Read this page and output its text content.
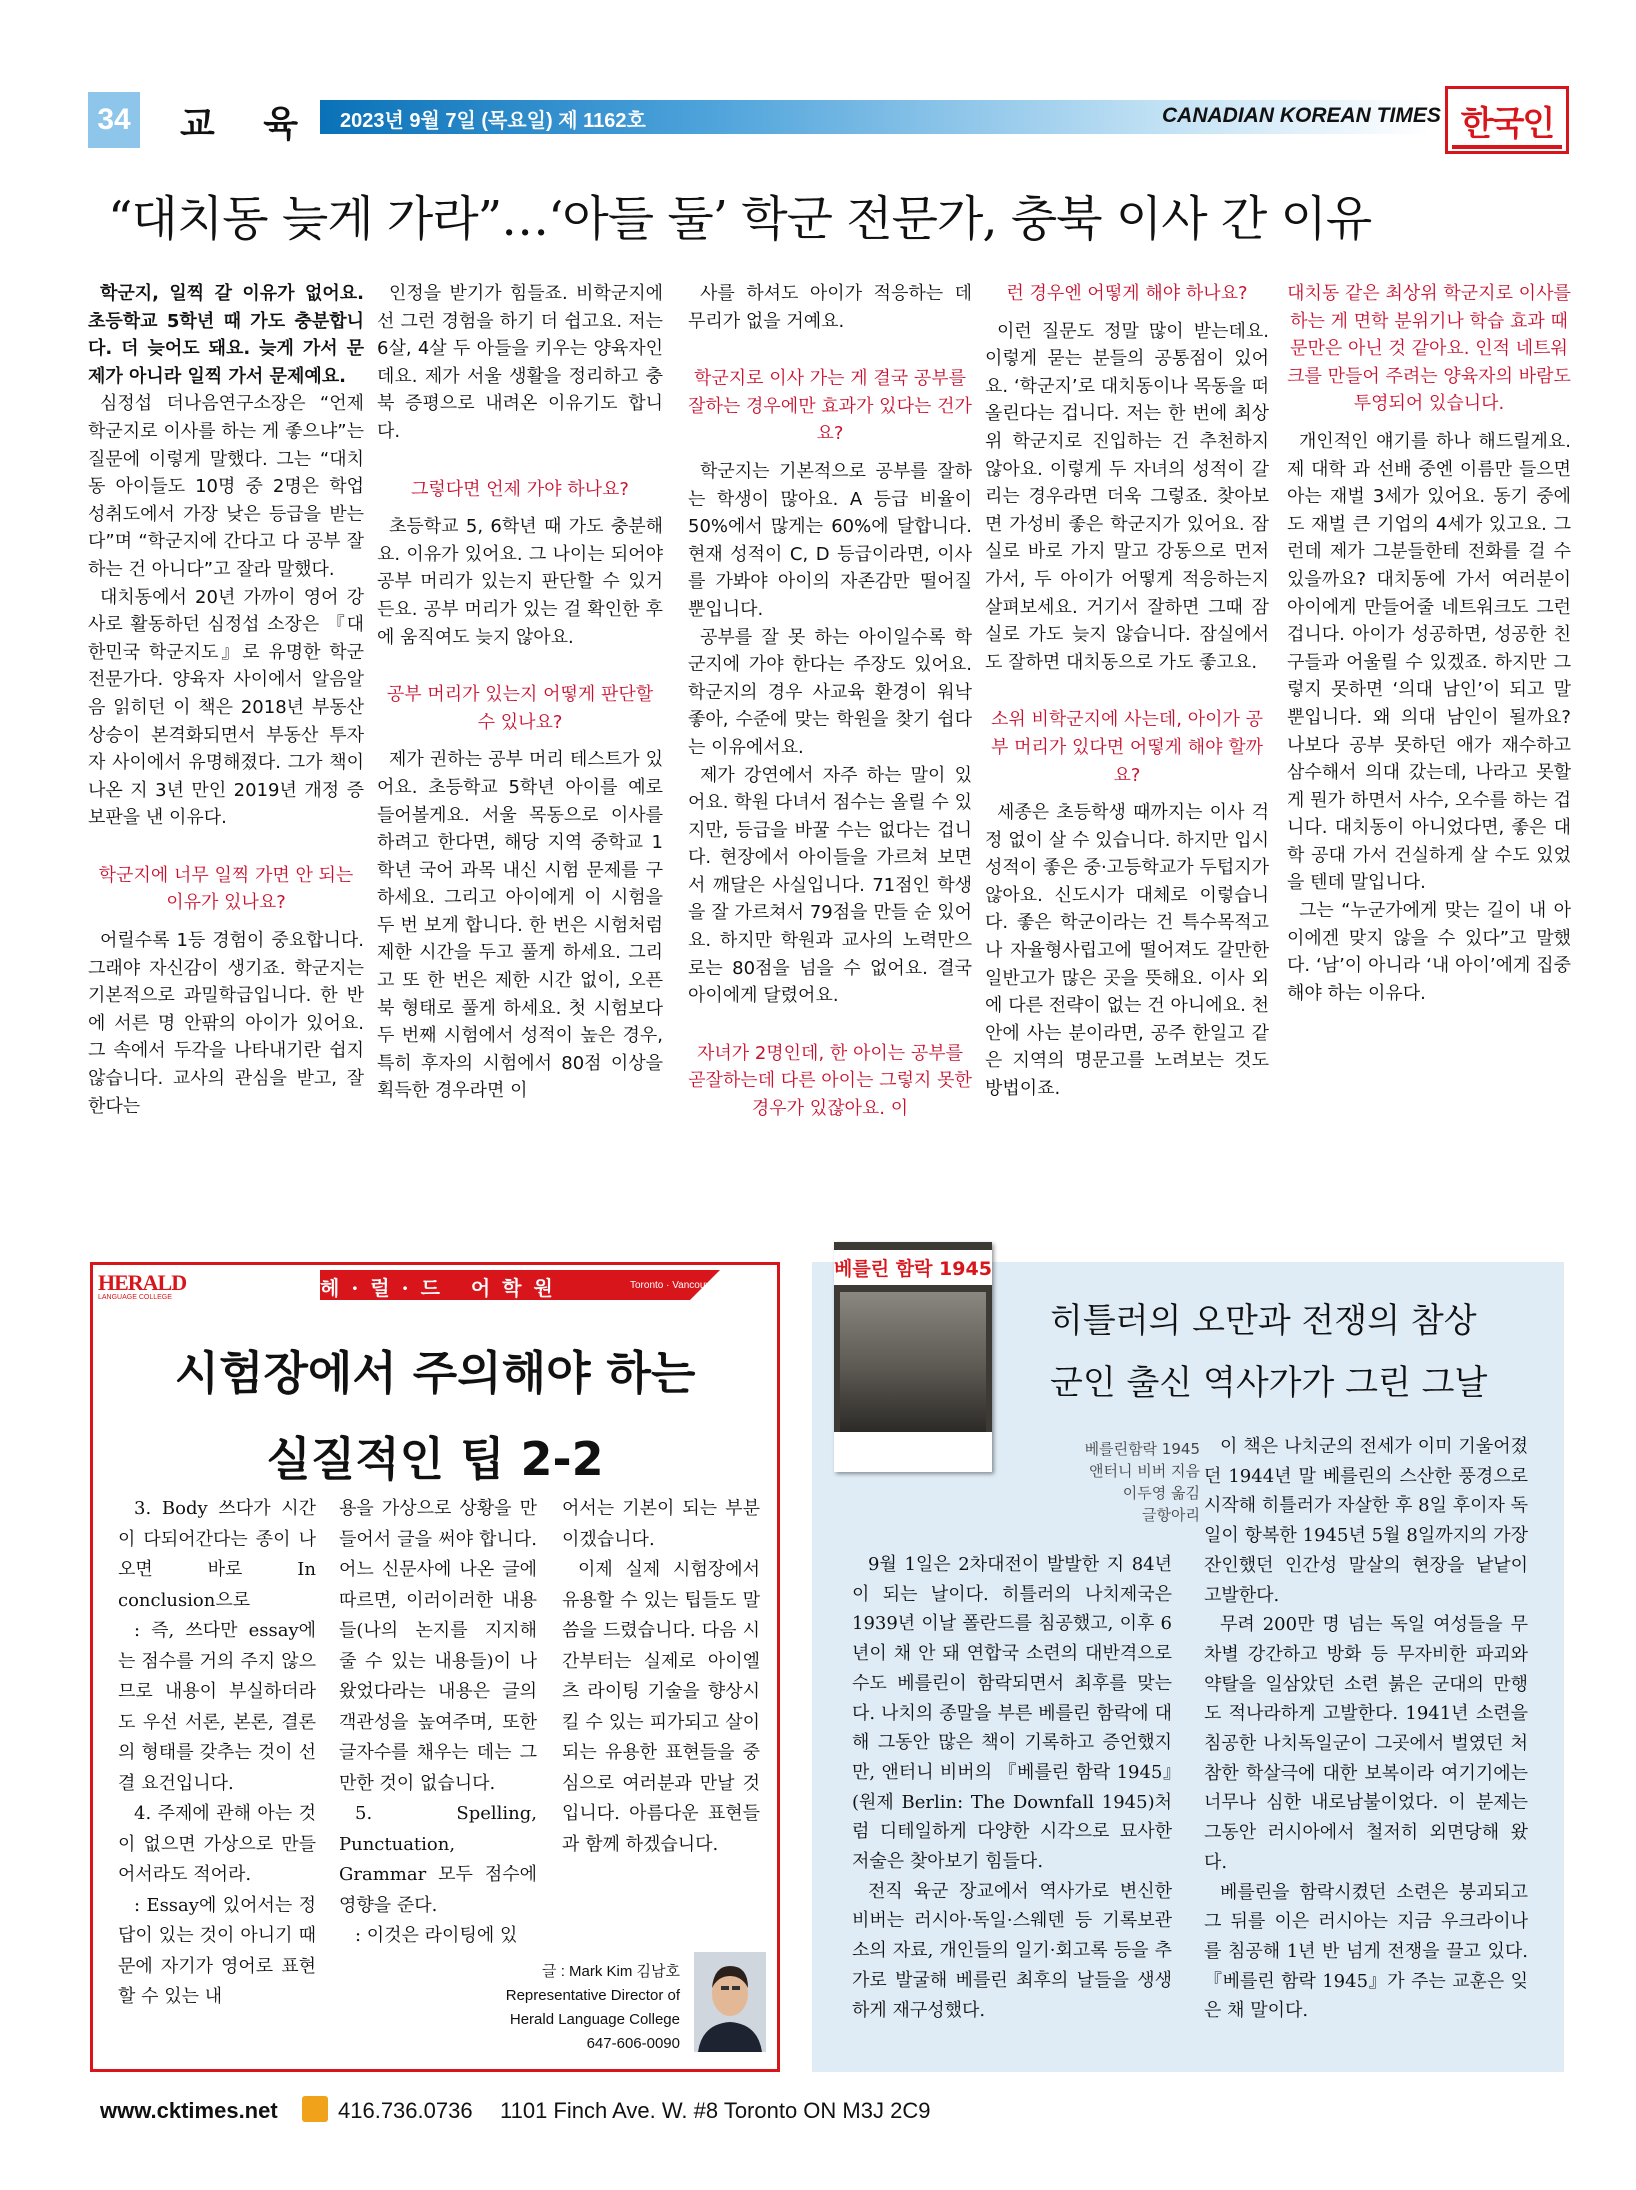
34 교 육 2023년 9월 7일 (목요일) 제 1162호	CANADIAN KOREAN TIMES 한국인
“대치동 늦게 가라”…‘아들 둘’ 학군 전문가, 충북 이사 간 이유

학군지, 일찍 갈 이유가 없어요. 초등학교 5학년 때 가도 충분합니다. 더 늦어도 돼요. 늦게 가서 문제가 아니라 일찍 가서 문제예요.

심정섭 더나음연구소장은 “언제 학군지로 이사를 하는 게 좋으냐”는 질문에 이렇게 말했다. 그는 “대치동 아이들도 10명 중 2명은 학업 성취도에서 가장 낮은 등급을 받는다”며 “학군지에 간다고 다 공부 잘하는 건 아니다”고 잘라 말했다.

대치동에서 20년 가까이 영어 강사로 활동하던 심정섭 소장은 『대한민국 학군지도』로 유명한 학군 전문가다. 양육자 사이에서 알음알음 읽히던 이 책은 2018년 부동산 상승이 본격화되면서 부동산 투자자 사이에서 유명해졌다. 그가 책이 나온 지 3년 만인 2019년 개정 증보판을 낸 이유다.

학군지에 너무 일찍 가면 안 되는 이유가 있나요?

어릴수록 1등 경험이 중요합니다. 그래야 자신감이 생기죠. 학군지는 기본적으로 과밀학급입니다. 한 반에 서른 명 안팎의 아이가 있어요. 그 속에서 두각을 나타내기란 쉽지 않습니다. 교사의 관심을 받고, 잘한다는

인정을 받기가 힘들죠. 비학군지에선 그런 경험을 하기 더 쉽고요. 저는 6살, 4살 두 아들을 키우는 양육자인데요. 제가 서울 생활을 정리하고 충북 증평으로 내려온 이유기도 합니다.

그렇다면 언제 가야 하나요?

초등학교 5, 6학년 때 가도 충분해요. 이유가 있어요. 그 나이는 되어야 공부 머리가 있는지 판단할 수 있거든요. 공부 머리가 있는 걸 확인한 후에 움직여도 늦지 않아요.

공부 머리가 있는지 어떻게 판단할 수 있나요?

제가 권하는 공부 머리 테스트가 있어요. 초등학교 5학년 아이를 예로 들어볼게요. 서울 목동으로 이사를 하려고 한다면, 해당 지역 중학교 1학년 국어 과목 내신 시험 문제를 구하세요. 그리고 아이에게 이 시험을 두 번 보게 합니다. 한 번은 시험처럼 제한 시간을 두고 풀게 하세요. 그리고 또 한 번은 제한 시간 없이, 오픈 북 형태로 풀게 하세요. 첫 시험보다 두 번째 시험에서 성적이 높은 경우, 특히 후자의 시험에서 80점 이상을 획득한 경우라면 이

사를 하셔도 아이가 적응하는 데 무리가 없을 거예요.

학군지로 이사 가는 게 결국 공부를 잘하는 경우에만 효과가 있다는 건가요?

학군지는 기본적으로 공부를 잘하는 학생이 많아요. A 등급 비율이 50%에서 많게는 60%에 달합니다. 현재 성적이 C, D 등급이라면, 이사를 가봐야 아이의 자존감만 떨어질 뿐입니다.

공부를 잘 못 하는 아이일수록 학군지에 가야 한다는 주장도 있어요. 학군지의 경우 사교육 환경이 워낙 좋아, 수준에 맞는 학원을 찾기 쉽다는 이유에서요.

제가 강연에서 자주 하는 말이 있어요. 학원 다녀서 점수는 올릴 수 있지만, 등급을 바꿀 수는 없다는 겁니다. 현장에서 아이들을 가르쳐 보면서 깨달은 사실입니다. 71점인 학생을 잘 가르쳐서 79점을 만들 순 있어요. 하지만 학원과 교사의 노력만으로는 80점을 넘을 수 없어요. 결국 아이에게 달렸어요.

자녀가 2명인데, 한 아이는 공부를 곧잘하는데 다른 아이는 그렇지 못한 경우가 있잖아요. 이

런 경우엔 어떻게 해야 하나요?

이런 질문도 정말 많이 받는데요. 이렇게 묻는 분들의 공통점이 있어요. ‘학군지’로 대치동이나 목동을 떠올린다는 겁니다. 저는 한 번에 최상위 학군지로 진입하는 건 추천하지 않아요. 이렇게 두 자녀의 성적이 갈리는 경우라면 더욱 그렇죠. 찾아보면 가성비 좋은 학군지가 있어요. 잠실로 바로 가지 말고 강동으로 먼저 가서, 두 아이가 어떻게 적응하는지 살펴보세요. 거기서 잘하면 그때 잠실로 가도 늦지 않습니다. 잠실에서도 잘하면 대치동으로 가도 좋고요.

소위 비학군지에 사는데, 아이가 공부 머리가 있다면 어떻게 해야 할까요?

세종은 초등학생 때까지는 이사 걱정 없이 살 수 있습니다. 하지만 입시 성적이 좋은 중·고등학교가 두텁지가 않아요. 신도시가 대체로 이렇습니다. 좋은 학군이라는 건 특수목적고나 자율형사립고에 떨어져도 갈만한 일반고가 많은 곳을 뜻해요. 이사 외에 다른 전략이 없는 건 아니에요. 천안에 사는 분이라면, 공주 한일고 같은 지역의 명문고를 노려보는 것도 방법이죠.

대치동 같은 최상위 학군지로 이사를 하는 게 면학 분위기나 학습 효과 때문만은 아닌 것 같아요. 인적 네트워크를 만들어 주려는 양육자의 바람도 투영되어 있습니다.

개인적인 얘기를 하나 해드릴게요. 제 대학 과 선배 중엔 이름만 들으면 아는 재벌 3세가 있어요. 동기 중에도 재벌 큰 기업의 4세가 있고요. 그런데 제가 그분들한테 전화를 걸 수 있을까요? 대치동에 가서 여러분이 아이에게 만들어줄 네트워크도 그런 겁니다. 아이가 성공하면, 성공한 친구들과 어울릴 수 있겠죠. 하지만 그렇지 못하면 ‘의대 남인’이 되고 말 뿐입니다. 왜 의대 남인이 될까요? 나보다 공부 못하던 애가 재수하고 삼수해서 의대 갔는데, 나라고 못할 게 뭔가 하면서 사수, 오수를 하는 겁니다. 대치동이 아니었다면, 좋은 대학 공대 가서 건실하게 살 수도 있었을 텐데 말입니다.

그는 “누군가에게 맞는 길이 내 아이에겐 맞지 않을 수 있다”고 말했다. ‘남’이 아니라 ‘내 아이’에게 집중해야 하는 이유다.

HERALD
LANGUAGE COLLEGE	헤·럴·드 어학원	Toronto · Vancouver · Coquitlam
시험장에서 주의해야 하는
실질적인 팁 2-2

3. Body 쓰다가 시간이 다되어간다는 종이 나오면 바로 In conclusion으로

: 즉, 쓰다만 essay에는 점수를 거의 주지 않으므로 내용이 부실하더라도 우선 서론, 본론, 결론의 형태를 갖추는 것이 선결 요건입니다.

4. 주제에 관해 아는 것이 없으면 가상으로 만들어서라도 적어라.

: Essay에 있어서는 정답이 있는 것이 아니기 때문에 자기가 영어로 표현할 수 있는 내

용을 가상으로 상황을 만들어서 글을 써야 합니다. 어느 신문사에 나온 글에 따르면, 이러이러한 내용들(나의 논지를 지지해 줄 수 있는 내용들)이 나왔었다라는 내용은 글의 객관성을 높여주며, 또한 글자수를 채우는 데는 그만한 것이 없습니다.

5. Spelling, Punctuation, Grammar 모두 점수에 영향을 준다.

: 이것은 라이팅에 있

어서는 기본이 되는 부분이겠습니다.

이제 실제 시험장에서 유용할 수 있는 팁들도 말씀을 드렸습니다. 다음 시간부터는 실제로 아이엘츠 라이팅 기술을 향상시킬 수 있는 피가되고 살이 되는 유용한 표현들을 중심으로 여러분과 만날 것 입니다. 아름다운 표현들과 함께 하겠습니다.

글 : Mark Kim 김남호
Representative Director of
Herald Language College
647-606-0090
베를린 함락 1945
히틀러의 오만과 전쟁의 참상
군인 출신 역사가가 그린 그날
베를린함락 1945
앤터니 비버 지음
이두영 옮김
글항아리

9월 1일은 2차대전이 발발한 지 84년이 되는 날이다. 히틀러의 나치제국은 1939년 이날 폴란드를 침공했고, 이후 6년이 채 안 돼 연합국 소련의 대반격으로 수도 베를린이 함락되면서 최후를 맞는다. 나치의 종말을 부른 베를린 함락에 대해 그동안 많은 책이 기록하고 증언했지만, 앤터니 비버의 『베를린 함락 1945』(원제 Berlin: The Downfall 1945)처럼 디테일하게 다양한 시각으로 묘사한 저술은 찾아보기 힘들다.

전직 육군 장교에서 역사가로 변신한 비버는 러시아·독일·스웨덴 등 기록보관소의 자료, 개인들의 일기·회고록 등을 추가로 발굴해 베를린 최후의 날들을 생생하게 재구성했다.

이 책은 나치군의 전세가 이미 기울어졌던 1944년 말 베를린의 스산한 풍경으로 시작해 히틀러가 자살한 후 8일 후이자 독일이 항복한 1945년 5월 8일까지의 가장 잔인했던 인간성 말살의 현장을 낱낱이 고발한다.

무려 200만 명 넘는 독일 여성들을 무차별 강간하고 방화 등 무자비한 파괴와 약탈을 일삼았던 소련 붉은 군대의 만행도 적나라하게 고발한다. 1941년 소련을 침공한 나치독일군이 그곳에서 벌였던 처참한 학살극에 대한 보복이라 여기기에는 너무나 심한 내로남불이었다. 이 분제는 그동안 러시아에서 철저히 외면당해 왔다.

베를린을 함락시켰던 소련은 붕괴되고 그 뒤를 이은 러시아는 지금 우크라이나를 침공해 1년 반 넘게 전쟁을 끌고 있다. 『베를린 함락 1945』가 주는 교훈은 잊은 채 말이다.

www.cktimes.net	416.736.0736 1101 Finch Ave. W. #8 Toronto ON M3J 2C9
